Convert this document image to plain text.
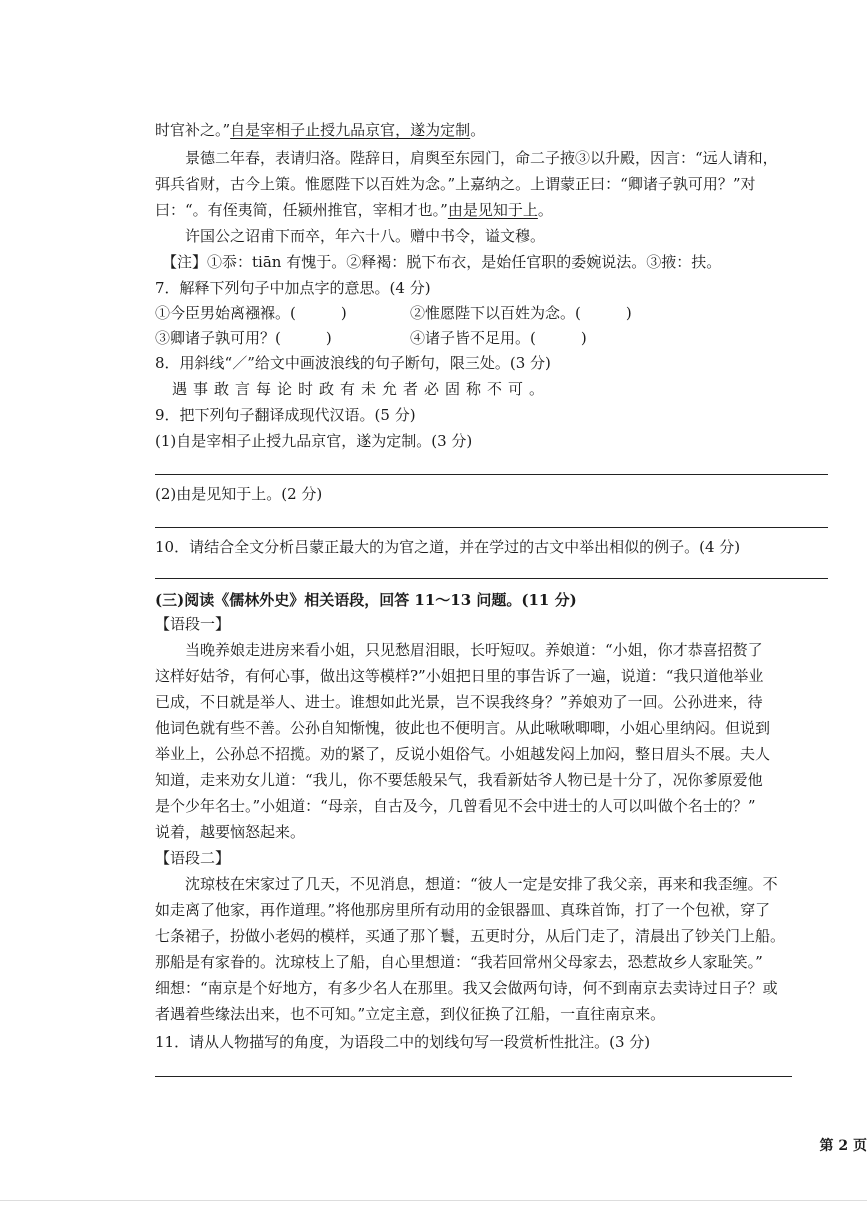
时官补之。”自是宰相子止授九品京官，遂为定制。
景德二年春，表请归洛。陛辞日，肩舆至东园门，命二子掖③以升殿，因言：“远人请和，
弭兵省财，古今上策。惟愿陛下以百姓为念。”上嘉纳之。上谓蒙正曰：“卿诸子孰可用？”对
曰：“。有侄夷简，任颍州推官，宰相才也。”由是见知于上。
许国公之诏甫下而卒，年六十八。赠中书令，谥文穆。
【注】①忝：tiān 有愧于。②释褐：脱下布衣，是始任官职的委婉说法。③掖：扶。
7．解释下列句子中加点字的意思。(4 分)
①今臣男始离襁褓。(　　　)	②惟愿陛下以百姓为念。(　　　)
③卿诸子孰可用？(　　　)	④诸子皆不足用。(　　　)
8．用斜线“／”给文中画波浪线的句子断句，限三处。(3 分)
遇事敢言每论时政有未允者必固称不可。
9．把下列句子翻译成现代汉语。(5 分)
(1)自是宰相子止授九品京官，遂为定制。(3 分)
(2)由是见知于上。(2 分)
10．请结合全文分析吕蒙正最大的为官之道，并在学过的古文中举出相似的例子。(4 分)
(三)阅读《儒林外史》相关语段，回答 11～13 问题。(11 分)
【语段一】
当晚养娘走进房来看小姐，只见愁眉泪眼，长吁短叹。养娘道：“小姐，你才恭喜招赘了
这样好姑爷，有何心事，做出这等模样?”小姐把日里的事告诉了一遍，说道：“我只道他举业
已成，不日就是举人、进士。谁想如此光景，岂不误我终身？”养娘劝了一回。公孙进来，待
他词色就有些不善。公孙自知惭愧，彼此也不便明言。从此啾啾唧唧，小姐心里纳闷。但说到
举业上，公孙总不招揽。劝的紧了，反说小姐俗气。小姐越发闷上加闷，整日眉头不展。夫人
知道，走来劝女儿道：“我儿，你不要恁般呆气，我看新姑爷人物已是十分了，况你爹原爱他
是个少年名士。”小姐道：“母亲，自古及今，几曾看见不会中进士的人可以叫做个名士的？”
说着，越要恼怒起来。
【语段二】
沈琼枝在宋家过了几天，不见消息，想道：“彼人一定是安排了我父亲，再来和我歪缠。不
如走离了他家，再作道理。”将他那房里所有动用的金银器皿、真珠首饰，打了一个包袱，穿了
七条裙子，扮做小老妈的模样，买通了那丫鬟，五更时分，从后门走了，清晨出了钞关门上船。
那船是有家眷的。沈琼枝上了船，自心里想道：“我若回常州父母家去，恐惹故乡人家耻笑。”
细想：“南京是个好地方，有多少名人在那里。我又会做两句诗，何不到南京去卖诗过日子？或
者遇着些缘法出来，也不可知。”立定主意，到仪征换了江船，一直往南京来。
11．请从人物描写的角度，为语段二中的划线句写一段赏析性批注。(3 分)
第 2 页
